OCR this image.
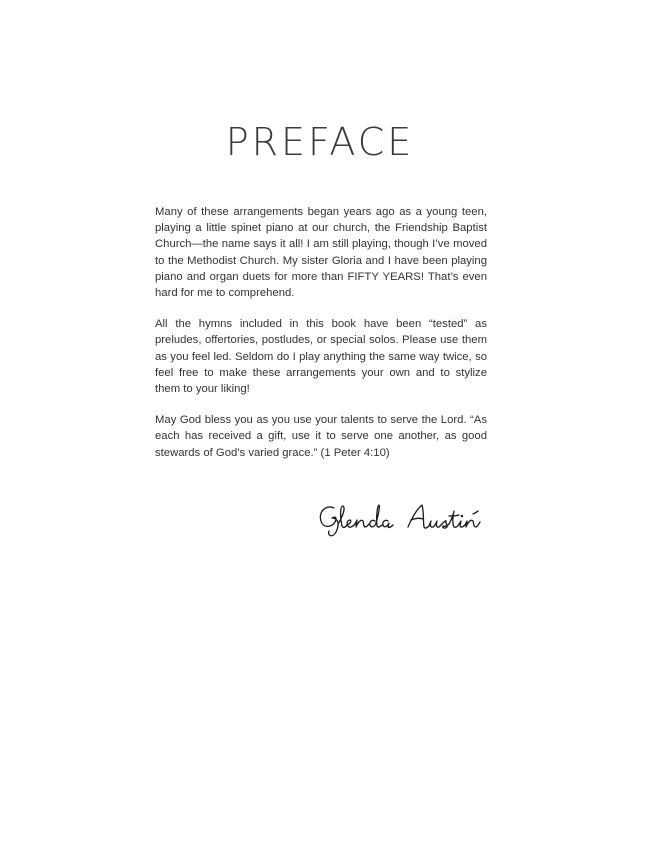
PREFACE

Many of these arrangements began years ago as a young teen, playing a little spinet piano at our church, the Friendship Baptist Church—the name says it all! I am still playing, though I’ve moved to the Methodist Church. My sister Gloria and I have been playing piano and organ duets for more than FIFTY YEARS! That’s even hard for me to comprehend.

All the hymns included in this book have been “tested” as preludes, offertories, postludes, or special solos. Please use them as you feel led. Seldom do I play anything the same way twice, so feel free to make these arrangements your own and to stylize them to your liking!

May God bless you as you use your talents to serve the Lord. “As each has received a gift, use it to serve one another, as good stewards of God’s varied grace.” (1 Peter 4:10)
